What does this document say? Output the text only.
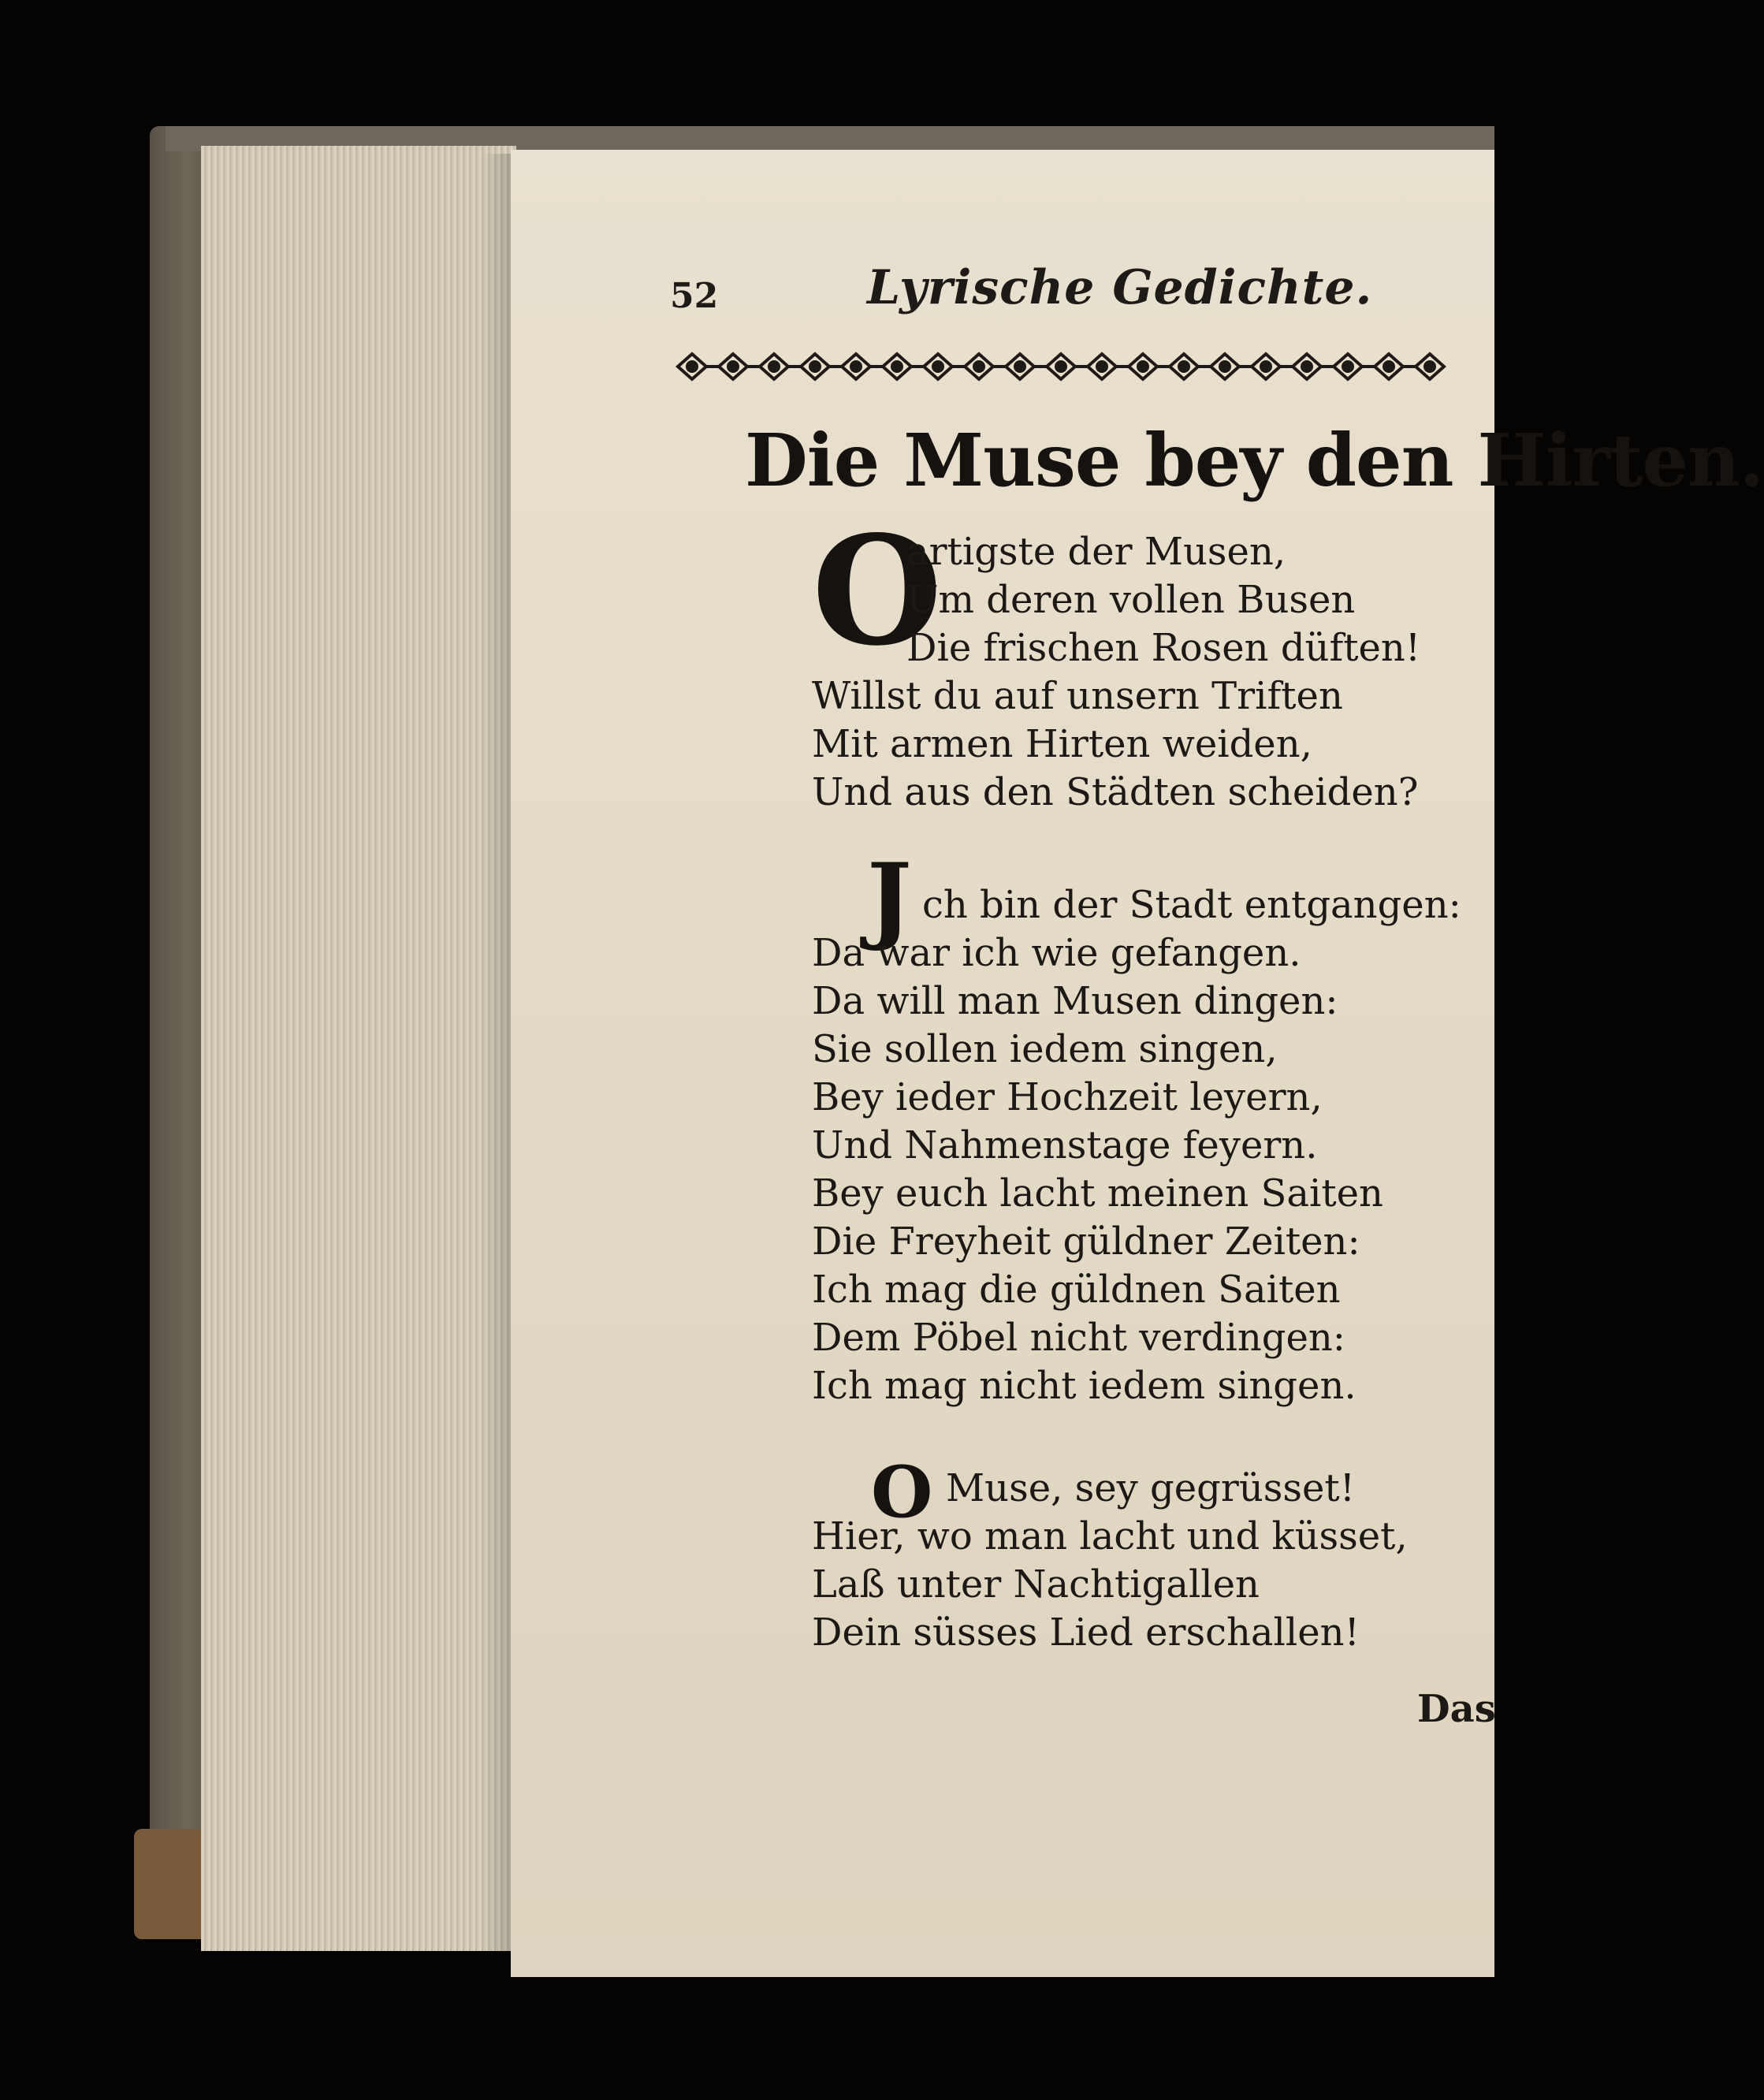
52	Lyrische Gedichte.
Die Muse bey den Hirten.
O
artigste der Musen,
Um deren vollen Busen
Die frischen Rosen düften!
Willst du auf unsern Triften
Mit armen Hirten weiden,
Und aus den Städten scheiden?
J ch bin der Stadt entgangen:
Da war ich wie gefangen.
Da will man Musen dingen:
Sie sollen iedem singen,
Bey ieder Hochzeit leyern,
Und Nahmenstage feyern.
Bey euch lacht meinen Saiten
Die Freyheit güldner Zeiten:
Ich mag die güldnen Saiten
Dem Pöbel nicht verdingen:
Ich mag nicht iedem singen.
O Muse, sey gegrüsset!
Hier, wo man lacht und küsset,
Laß unter Nachtigallen
Dein süsses Lied erschallen!
Das
